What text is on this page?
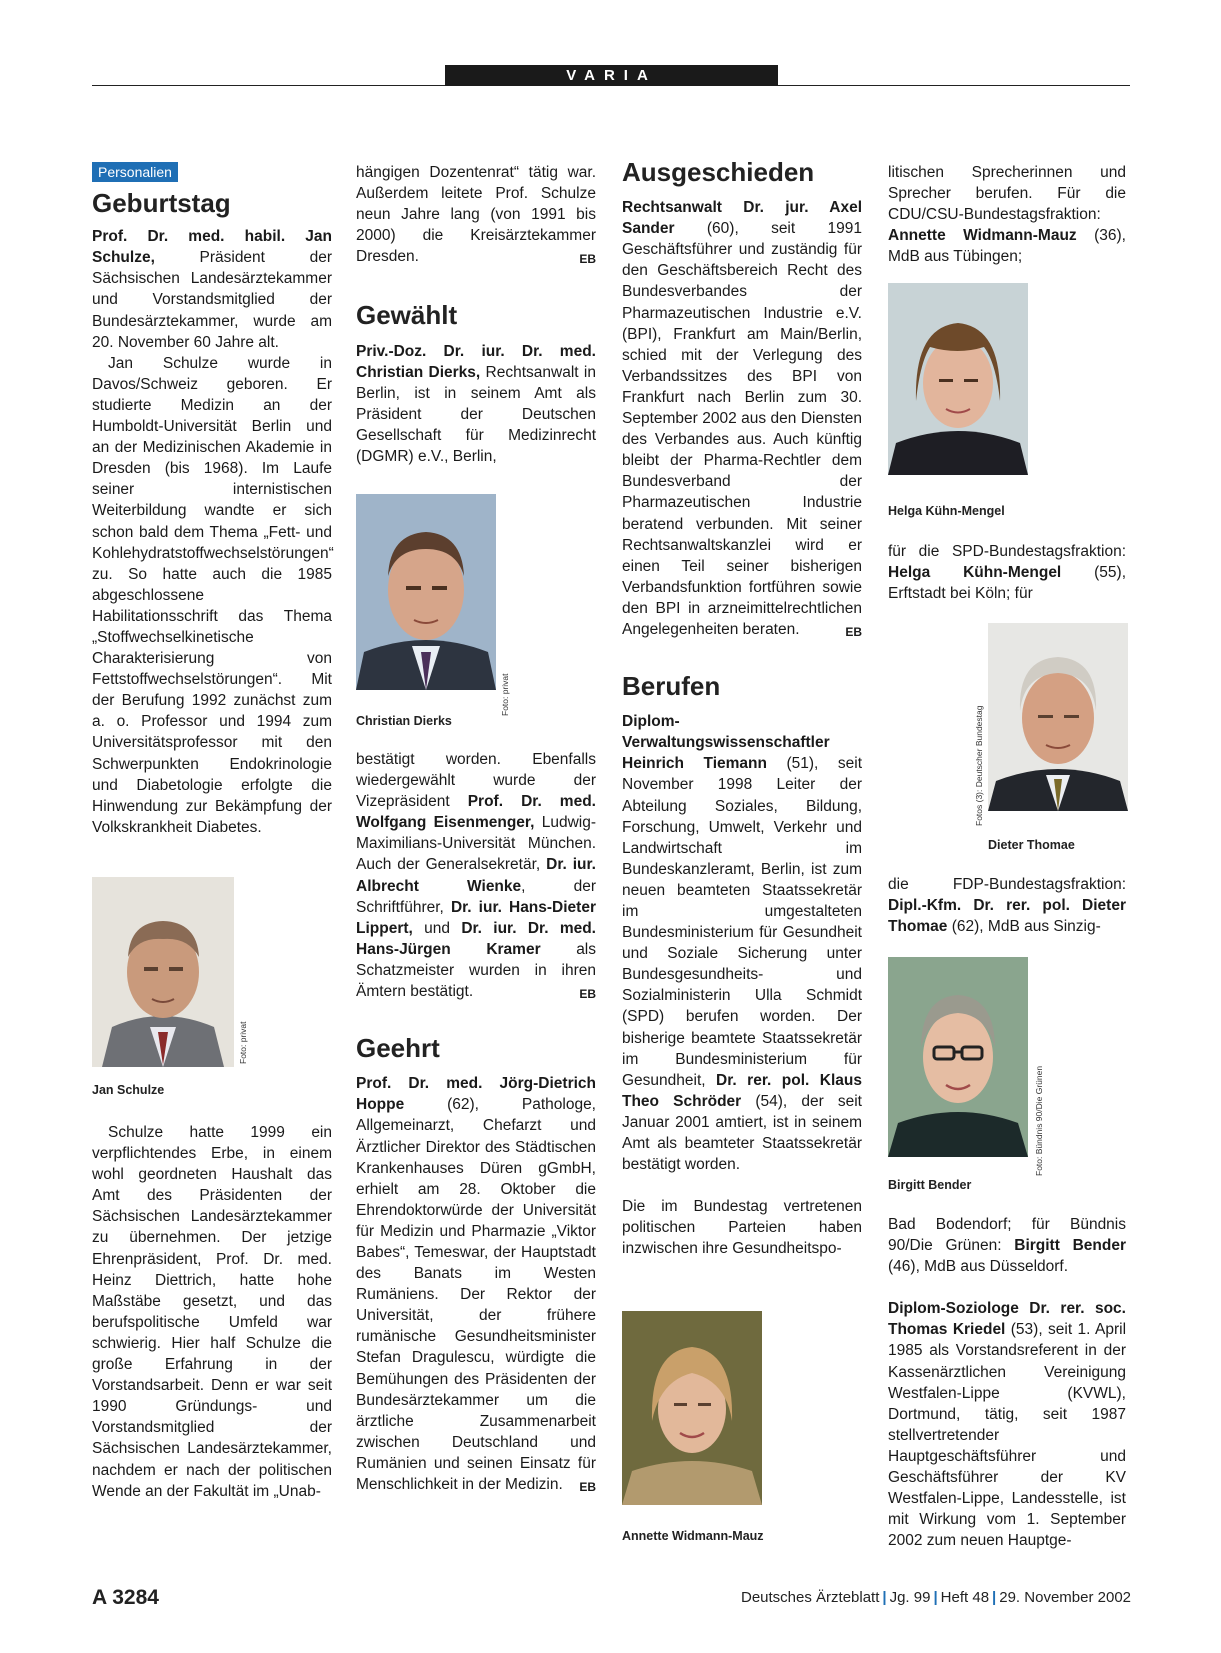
VARIA
Personalien
Geburtstag

Prof. Dr. med. habil. Jan Schulze, Präsident der Sächsischen Landesärztekammer und Vorstandsmitglied der Bundesärztekammer, wurde am 20. November 60 Jahre alt.

Jan Schulze wurde in Davos/Schweiz geboren. Er studierte Medizin an der Humboldt-Universität Berlin und an der Medizinischen Akademie in Dresden (bis 1968). Im Laufe seiner internistischen Weiterbildung wandte er sich schon bald dem Thema „Fett- und Kohlehydratstoffwechselstörungen“ zu. So hatte auch die 1985 abgeschlossene Habilitationsschrift das Thema „Stoffwechselkinetische Charakterisierung von Fettstoffwechselstörungen“. Mit der Berufung 1992 zunächst zum a. o. Professor und 1994 zum Universitätsprofessor mit den Schwerpunkten Endokrinologie und Diabetologie erfolgte die Hinwendung zur Bekämpfung der Volkskrankheit Diabetes.

Foto: privat
Jan Schulze

Schulze hatte 1999 ein verpflichtendes Erbe, in einem wohl geordneten Haushalt das Amt des Präsidenten der Sächsischen Landesärztekammer zu übernehmen. Der jetzige Ehrenpräsident, Prof. Dr. med. Heinz Diettrich, hatte hohe Maßstäbe gesetzt, und das berufspolitische Umfeld war schwierig. Hier half Schulze die große Erfahrung in der Vorstandsarbeit. Denn er war seit 1990 Gründungs- und Vorstandsmitglied der Sächsischen Landesärztekammer, nachdem er nach der politischen Wende an der Fakultät im „Unab-

hängigen Dozentenrat“ tätig war. Außerdem leitete Prof. Schulze neun Jahre lang (von 1991 bis 2000) die Kreisärztekammer Dresden.	EB

Gewählt

Priv.-Doz. Dr. iur. Dr. med. Christian Dierks, Rechtsanwalt in Berlin, ist in seinem Amt als Präsident der Deutschen Gesellschaft für Medizinrecht (DGMR) e.V., Berlin,

Foto: privat
Christian Dierks

bestätigt worden. Ebenfalls wiedergewählt wurde der Vizepräsident Prof. Dr. med. Wolfgang Eisenmenger, Ludwig-Maximilians-Universität München. Auch der Generalsekretär, Dr. iur. Albrecht Wienke, der Schriftführer, Dr. iur. Hans-Dieter Lippert, und Dr. iur. Dr. med. Hans-Jürgen Kramer als Schatzmeister wurden in ihren Ämtern bestätigt.	EB

Geehrt

Prof. Dr. med. Jörg-Dietrich Hoppe (62), Pathologe, Allgemeinarzt, Chefarzt und Ärztlicher Direktor des Städtischen Krankenhauses Düren gGmbH, erhielt am 28. Oktober die Ehrendoktorwürde der Universität für Medizin und Pharmazie „Viktor Babes“, Temeswar, der Hauptstadt des Banats im Westen Rumäniens. Der Rektor der Universität, der frühere rumänische Gesundheitsminister Stefan Dragulescu, würdigte die Bemühungen des Präsidenten der Bundesärztekammer um die ärztliche Zusammenarbeit zwischen Deutschland und Rumänien und seinen Einsatz für Menschlichkeit in der Medizin. EB

Ausgeschieden

Rechtsanwalt Dr. jur. Axel Sander (60), seit 1991 Geschäftsführer und zuständig für den Geschäftsbereich Recht des Bundesverbandes der Pharmazeutischen Industrie e.V. (BPI), Frankfurt am Main/Berlin, schied mit der Verlegung des Verbandssitzes des BPI von Frankfurt nach Berlin zum 30. September 2002 aus den Diensten des Verbandes aus. Auch künftig bleibt der Pharma-Rechtler dem Bundesverband der Pharmazeutischen Industrie beratend verbunden. Mit seiner Rechtsanwaltskanzlei wird er einen Teil seiner bisherigen Verbandsfunktion fortführen sowie den BPI in arzneimittelrechtlichen Angelegenheiten beraten.	EB

Berufen

Diplom-Verwaltungswissenschaftler Heinrich Tiemann (51), seit November 1998 Leiter der Abteilung Soziales, Bildung, Forschung, Umwelt, Verkehr und Landwirtschaft im Bundeskanzleramt, Berlin, ist zum neuen beamteten Staatssekretär im umgestalteten Bundesministerium für Gesundheit und Soziale Sicherung unter Bundesgesundheits- und Sozialministerin Ulla Schmidt (SPD) berufen worden. Der bisherige beamtete Staatssekretär im Bundesministerium für Gesundheit, Dr. rer. pol. Klaus Theo Schröder (54), der seit Januar 2001 amtiert, ist in seinem Amt als beamteter Staatssekretär bestätigt worden.

Die im Bundestag vertretenen politischen Parteien haben inzwischen ihre Gesundheitspo-

Annette Widmann-Mauz

litischen Sprecherinnen und Sprecher berufen. Für die CDU/CSU-Bundestagsfraktion: Annette Widmann-Mauz (36), MdB aus Tübingen;

Helga Kühn-Mengel

für die SPD-Bundestagsfraktion: Helga Kühn-Mengel (55), Erftstadt bei Köln; für

Fotos (3): Deutscher Bundestag
Dieter Thomae

die FDP-Bundestagsfraktion: Dipl.-Kfm. Dr. rer. pol. Dieter Thomae (62), MdB aus Sinzig-

Foto: Bündnis 90/Die Grünen
Birgitt Bender

Bad Bodendorf; für Bündnis 90/Die Grünen: Birgitt Bender (46), MdB aus Düsseldorf.

Diplom-Soziologe Dr. rer. soc. Thomas Kriedel (53), seit 1. April 1985 als Vorstandsreferent in der Kassenärztlichen Vereinigung Westfalen-Lippe (KVWL), Dortmund, tätig, seit 1987 stellvertretender Hauptgeschäftsführer und Geschäftsführer der KV Westfalen-Lippe, Landesstelle, ist mit Wirkung vom 1. September 2002 zum neuen Hauptge-

A 3284	Deutsches Ärzteblatt | Jg. 99 | Heft 48 | 29. November 2002
